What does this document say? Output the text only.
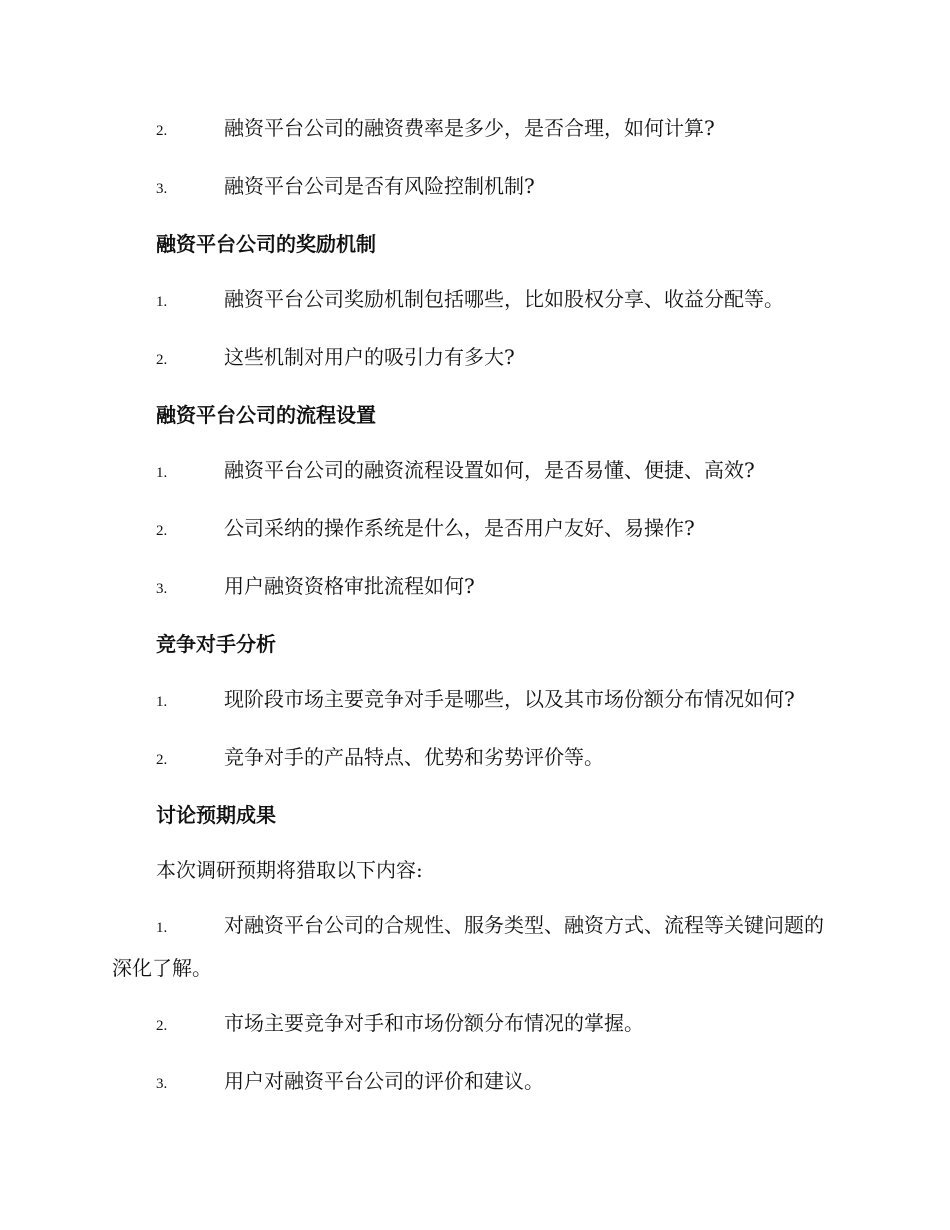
2.	融资平台公司的融资费率是多少，是否合理，如何计算?
3.	融资平台公司是否有风险控制机制?
融资平台公司的奖励机制
1.	融资平台公司奖励机制包括哪些，比如股权分享、收益分配等。
2.	这些机制对用户的吸引力有多大?
融资平台公司的流程设置
1.	融资平台公司的融资流程设置如何，是否易懂、便捷、高效?
2.	公司采纳的操作系统是什么，是否用户友好、易操作?
3.	用户融资资格审批流程如何?
竞争对手分析
1.	现阶段市场主要竞争对手是哪些，以及其市场份额分布情况如何?
2.	竞争对手的产品特点、优势和劣势评价等。
讨论预期成果
本次调研预期将猎取以下内容:
1.	对融资平台公司的合规性、服务类型、融资方式、流程等关键问题的深化了解。
2.	市场主要竞争对手和市场份额分布情况的掌握。
3.	用户对融资平台公司的评价和建议。
